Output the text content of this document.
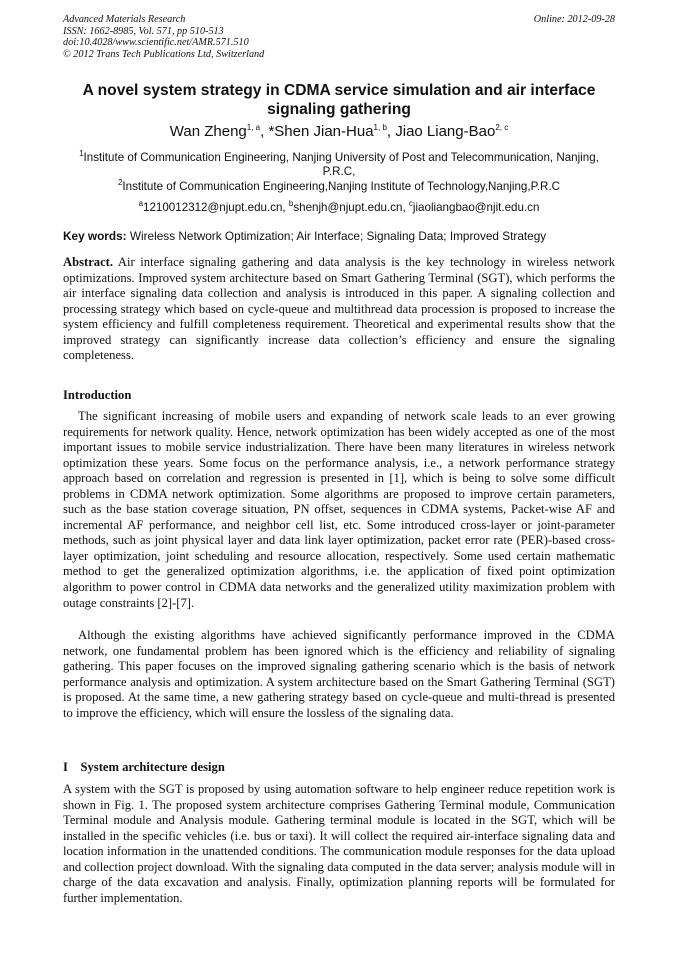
Advanced Materials Research
ISSN: 1662-8985, Vol. 571, pp 510-513
doi:10.4028/www.scientific.net/AMR.571.510
© 2012 Trans Tech Publications Ltd, Switzerland
Online: 2012-09-28
A novel system strategy in CDMA service simulation and air interface signaling gathering
Wan Zheng$^{1, a}$, *Shen Jian-Hua$^{1, b}$, Jiao Liang-Bao$^{2, c}$
$^1$Institute of Communication Engineering, Nanjing University of Post and Telecommunication, Nanjing, P.R.C,
$^2$Institute of Communication Engineering,Nanjing Institute of Technology,Nanjing,P.R.C
$^a$1210012312@njupt.edu.cn, $^b$shenjh@njupt.edu.cn, $^c$jiaoliangbao@njit.edu.cn
Key words: Wireless Network Optimization; Air Interface; Signaling Data; Improved Strategy
Abstract. Air interface signaling gathering and data analysis is the key technology in wireless network optimizations. Improved system architecture based on Smart Gathering Terminal (SGT), which performs the air interface signaling data collection and analysis is introduced in this paper. A signaling collection and processing strategy which based on cycle-queue and multithread data procession is proposed to increase the system efficiency and fulfill completeness requirement. Theoretical and experimental results show that the improved strategy can significantly increase data collection’s efficiency and ensure the signaling completeness.
Introduction
The significant increasing of mobile users and expanding of network scale leads to an ever growing requirements for network quality. Hence, network optimization has been widely accepted as one of the most important issues to mobile service industrialization. There have been many literatures in wireless network optimization these years. Some focus on the performance analysis, i.e., a network performance strategy approach based on correlation and regression is presented in [1], which is being to solve some difficult problems in CDMA network optimization. Some algorithms are proposed to improve certain parameters, such as the base station coverage situation, PN offset, sequences in CDMA systems, Packet-wise AF and incremental AF performance, and neighbor cell list, etc. Some introduced cross-layer or joint-parameter methods, such as joint physical layer and data link layer optimization, packet error rate (PER)-based cross-layer optimization, joint scheduling and resource allocation, respectively. Some used certain mathematic method to get the generalized optimization algorithms, i.e. the application of fixed point optimization algorithm to power control in CDMA data networks and the generalized utility maximization problem with outage constraints [2]-[7].
Although the existing algorithms have achieved significantly performance improved in the CDMA network, one fundamental problem has been ignored which is the efficiency and reliability of signaling gathering. This paper focuses on the improved signaling gathering scenario which is the basis of network performance analysis and optimization. A system architecture based on the Smart Gathering Terminal (SGT) is proposed. At the same time, a new gathering strategy based on cycle-queue and multi-thread is presented to improve the efficiency, which will ensure the lossless of the signaling data.
I    System architecture design
A system with the SGT is proposed by using automation software to help engineer reduce repetition work is shown in Fig. 1. The proposed system architecture comprises Gathering Terminal module, Communication Terminal module and Analysis module. Gathering terminal module is located in the SGT, which will be installed in the specific vehicles (i.e. bus or taxi). It will collect the required air-interface signaling data and location information in the unattended conditions. The communication module responses for the data upload and collection project download. With the signaling data computed in the data server; analysis module will in charge of the data excavation and analysis. Finally, optimization planning reports will be formulated for further implementation.
